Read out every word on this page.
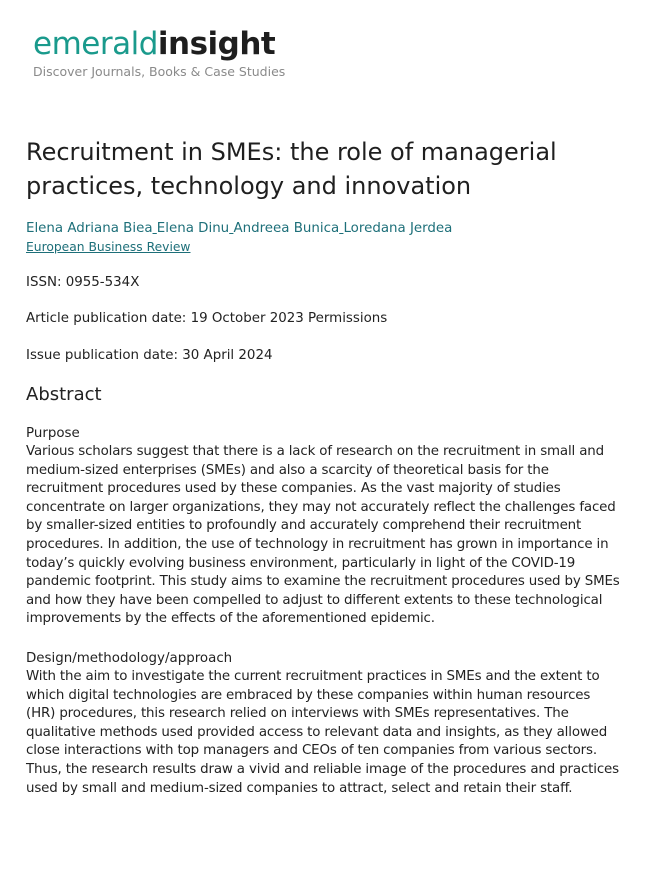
emeraldinsight
Discover Journals, Books & Case Studies
Recruitment in SMEs: the role of managerial practices, technology and innovation
Elena Adriana Biea Elena Dinu Andreea Bunica Loredana Jerdea
European Business Review
ISSN: 0955-534X
Article publication date: 19 October 2023 Permissions
Issue publication date: 30 April 2024
Abstract
Purpose

Various scholars suggest that there is a lack of research on the recruitment in small and medium-sized enterprises (SMEs) and also a scarcity of theoretical basis for the recruitment procedures used by these companies. As the vast majority of studies concentrate on larger organizations, they may not accurately reflect the challenges faced by smaller-sized entities to profoundly and accurately comprehend their recruitment procedures. In addition, the use of technology in recruitment has grown in importance in today’s quickly evolving business environment, particularly in light of the COVID-19 pandemic footprint. This study aims to examine the recruitment procedures used by SMEs and how they have been compelled to adjust to different extents to these technological improvements by the effects of the aforementioned epidemic.

Design/methodology/approach

With the aim to investigate the current recruitment practices in SMEs and the extent to which digital technologies are embraced by these companies within human resources (HR) procedures, this research relied on interviews with SMEs representatives. The qualitative methods used provided access to relevant data and insights, as they allowed close interactions with top managers and CEOs of ten companies from various sectors. Thus, the research results draw a vivid and reliable image of the procedures and practices used by small and medium-sized companies to attract, select and retain their staff.
